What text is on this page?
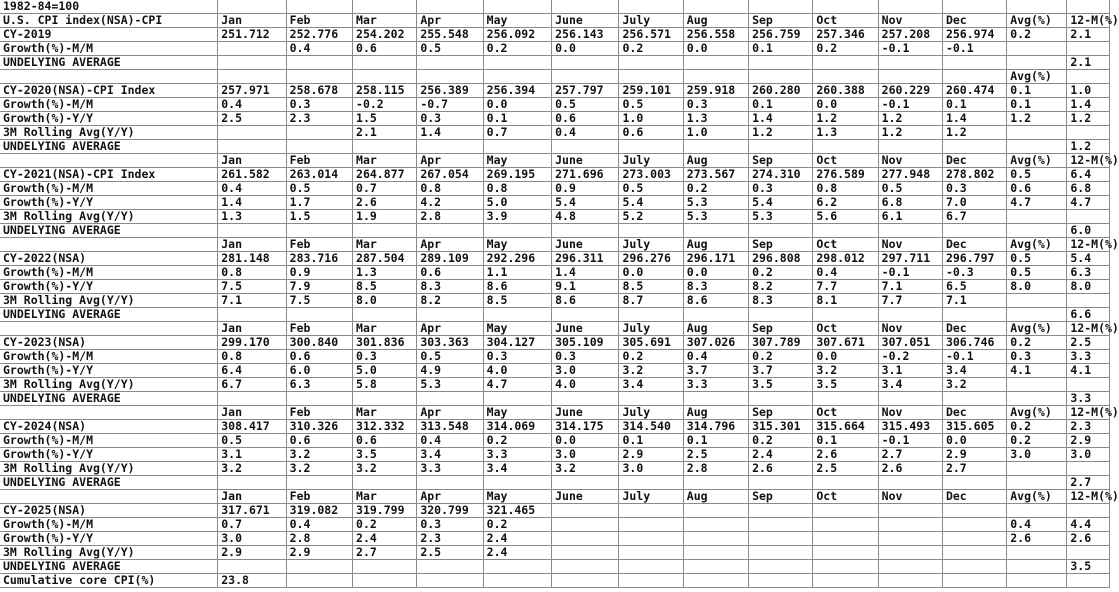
1982-84=100														
U.S. CPI index(NSA)-CPI	Jan	Feb	Mar	Apr	May	June	July	Aug	Sep	Oct	Nov	Dec	Avg(%)	12-M(%)
CY-2019	251.712	252.776	254.202	255.548	256.092	256.143	256.571	256.558	256.759	257.346	257.208	256.974	0.2	2.1
Growth(%)-M/M		0.4	0.6	0.5	0.2	0.0	0.2	0.0	0.1	0.2	-0.1	-0.1		
UNDELYING AVERAGE														2.1
													Avg(%)	
CY-2020(NSA)-CPI Index	257.971	258.678	258.115	256.389	256.394	257.797	259.101	259.918	260.280	260.388	260.229	260.474	0.1	1.0
Growth(%)-M/M	0.4	0.3	-0.2	-0.7	0.0	0.5	0.5	0.3	0.1	0.0	-0.1	0.1	0.1	1.4
Growth(%)-Y/Y	2.5	2.3	1.5	0.3	0.1	0.6	1.0	1.3	1.4	1.2	1.2	1.4	1.2	1.2
3M Rolling Avg(Y/Y)			2.1	1.4	0.7	0.4	0.6	1.0	1.2	1.3	1.2	1.2		
UNDELYING AVERAGE														1.2
	Jan	Feb	Mar	Apr	May	June	July	Aug	Sep	Oct	Nov	Dec	Avg(%)	12-M(%)
CY-2021(NSA)-CPI Index	261.582	263.014	264.877	267.054	269.195	271.696	273.003	273.567	274.310	276.589	277.948	278.802	0.5	6.4
Growth(%)-M/M	0.4	0.5	0.7	0.8	0.8	0.9	0.5	0.2	0.3	0.8	0.5	0.3	0.6	6.8
Growth(%)-Y/Y	1.4	1.7	2.6	4.2	5.0	5.4	5.4	5.3	5.4	6.2	6.8	7.0	4.7	4.7
3M Rolling Avg(Y/Y)	1.3	1.5	1.9	2.8	3.9	4.8	5.2	5.3	5.3	5.6	6.1	6.7		
UNDELYING AVERAGE														6.0
	Jan	Feb	Mar	Apr	May	June	July	Aug	Sep	Oct	Nov	Dec	Avg(%)	12-M(%)
CY-2022(NSA)	281.148	283.716	287.504	289.109	292.296	296.311	296.276	296.171	296.808	298.012	297.711	296.797	0.5	5.4
Growth(%)-M/M	0.8	0.9	1.3	0.6	1.1	1.4	0.0	0.0	0.2	0.4	-0.1	-0.3	0.5	6.3
Growth(%)-Y/Y	7.5	7.9	8.5	8.3	8.6	9.1	8.5	8.3	8.2	7.7	7.1	6.5	8.0	8.0
3M Rolling Avg(Y/Y)	7.1	7.5	8.0	8.2	8.5	8.6	8.7	8.6	8.3	8.1	7.7	7.1		
UNDELYING AVERAGE														6.6
	Jan	Feb	Mar	Apr	May	June	July	Aug	Sep	Oct	Nov	Dec	Avg(%)	12-M(%)
CY-2023(NSA)	299.170	300.840	301.836	303.363	304.127	305.109	305.691	307.026	307.789	307.671	307.051	306.746	0.2	2.5
Growth(%)-M/M	0.8	0.6	0.3	0.5	0.3	0.3	0.2	0.4	0.2	0.0	-0.2	-0.1	0.3	3.3
Growth(%)-Y/Y	6.4	6.0	5.0	4.9	4.0	3.0	3.2	3.7	3.7	3.2	3.1	3.4	4.1	4.1
3M Rolling Avg(Y/Y)	6.7	6.3	5.8	5.3	4.7	4.0	3.4	3.3	3.5	3.5	3.4	3.2		
UNDELYING AVERAGE														3.3
	Jan	Feb	Mar	Apr	May	June	July	Aug	Sep	Oct	Nov	Dec	Avg(%)	12-M(%)
CY-2024(NSA)	308.417	310.326	312.332	313.548	314.069	314.175	314.540	314.796	315.301	315.664	315.493	315.605	0.2	2.3
Growth(%)-M/M	0.5	0.6	0.6	0.4	0.2	0.0	0.1	0.1	0.2	0.1	-0.1	0.0	0.2	2.9
Growth(%)-Y/Y	3.1	3.2	3.5	3.4	3.3	3.0	2.9	2.5	2.4	2.6	2.7	2.9	3.0	3.0
3M Rolling Avg(Y/Y)	3.2	3.2	3.2	3.3	3.4	3.2	3.0	2.8	2.6	2.5	2.6	2.7		
UNDELYING AVERAGE														2.7
	Jan	Feb	Mar	Apr	May	June	July	Aug	Sep	Oct	Nov	Dec	Avg(%)	12-M(%)
CY-2025(NSA)	317.671	319.082	319.799	320.799	321.465									
Growth(%)-M/M	0.7	0.4	0.2	0.3	0.2								0.4	4.4
Growth(%)-Y/Y	3.0	2.8	2.4	2.3	2.4								2.6	2.6
3M Rolling Avg(Y/Y)	2.9	2.9	2.7	2.5	2.4									
UNDELYING AVERAGE														3.5
Cumulative core CPI(%)	23.8													
